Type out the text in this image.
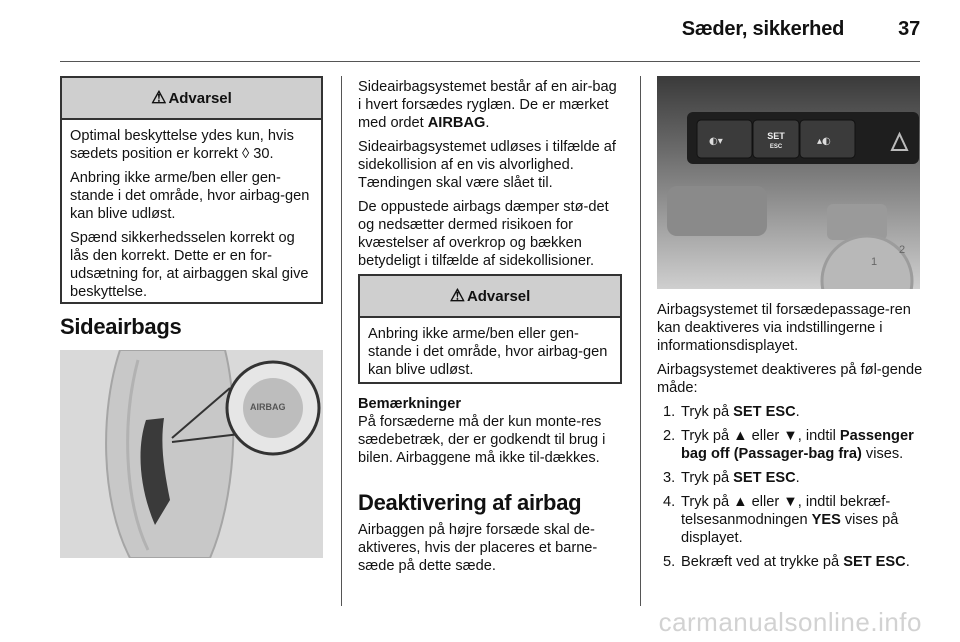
Sæder, sikkerhed	37
⚠ Advarsel

Optimal beskyttelse ydes kun, hvis sædets position er korrekt ◊ 30.

Anbring ikke arme/ben eller gen-stande i det område, hvor airbag-gen kan blive udløst.

Spænd sikkerhedsselen korrekt og lås den korrekt. Dette er en for-udsætning for, at airbaggen skal give beskyttelse.

Sideairbags
AIRBAG

Sideairbagsystemet består af en air-bag i hvert forsædes ryglæn. De er mærket med ordet AIRBAG.

Sideairbagsystemet udløses i tilfælde af sidekollision af en vis alvorlighed. Tændingen skal være slået til.

De oppustede airbags dæmper stø-det og nedsætter dermed risikoen for kvæstelser af overkrop og bækken betydeligt i tilfælde af sidekollisioner.

⚠ Advarsel

Anbring ikke arme/ben eller gen-stande i det område, hvor airbag-gen kan blive udløst.

Bemærkninger

På forsæderne må der kun monte-res sædebetræk, der er godkendt til brug i bilen. Airbaggene må ikke til-dækkes.

Deaktivering af airbag

Airbaggen på højre forsæde skal de-aktiveres, hvis der placeres et barne-sæde på dette sæde.

◐▾	▴◐
SET
ESC
1
2

Airbagsystemet til forsædepassage-ren kan deaktiveres via indstillingerne i informationsdisplayet.

Airbagsystemet deaktiveres på føl-gende måde:

1. Tryk på SET ESC.
2. Tryk på ▲ eller ▼, indtil Passenger bag off (Passager-bag fra) vises.
3. Tryk på SET ESC.
4. Tryk på ▲ eller ▼, indtil bekræf-telsesanmodningen YES vises på displayet.
5. Bekræft ved at trykke på SET ESC.
carmanualsonline.info
